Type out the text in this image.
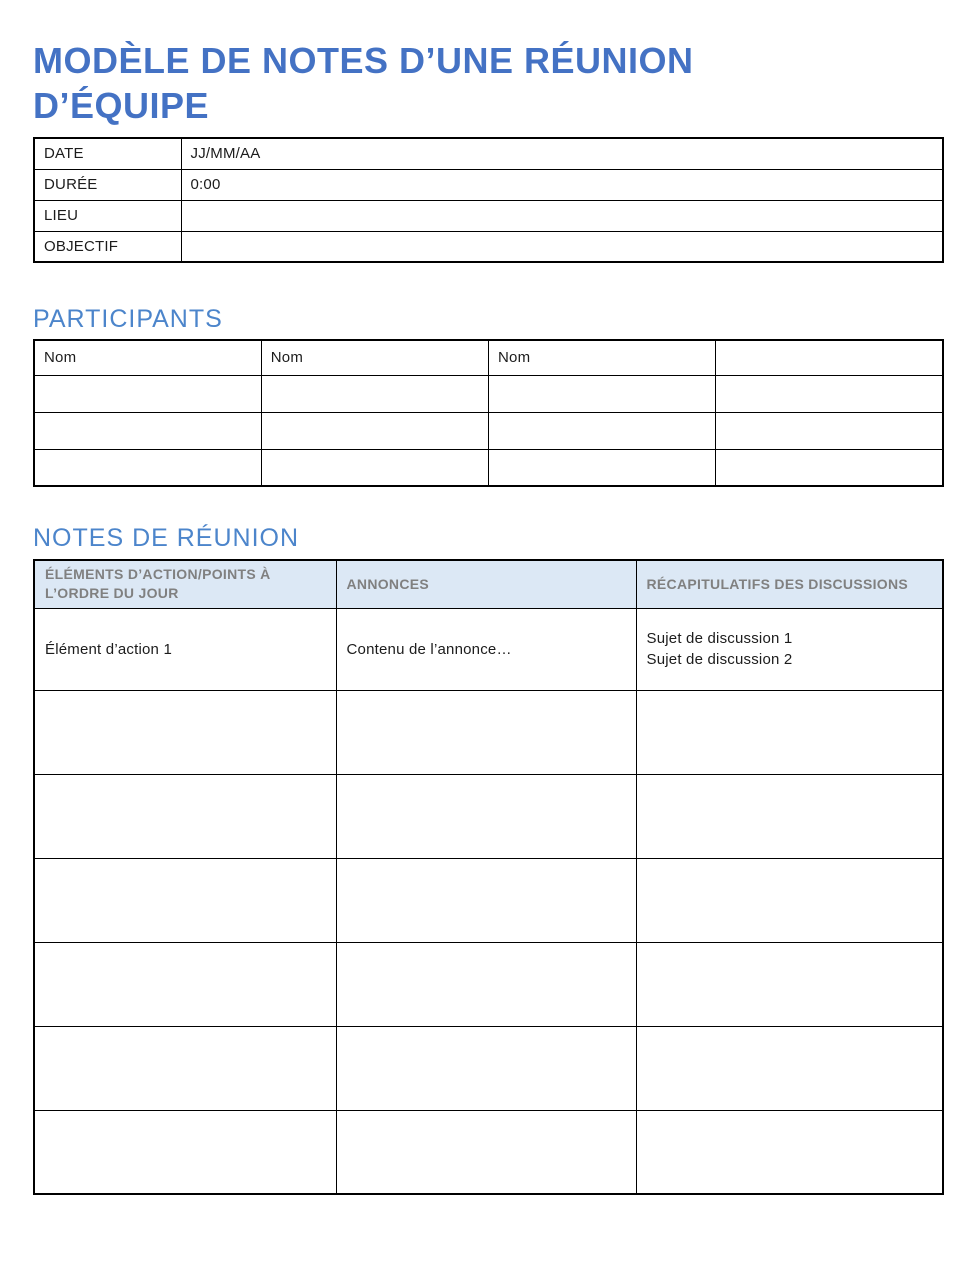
MODÈLE DE NOTES D’UNE RÉUNION
D’ÉQUIPE
DATE	JJ/MM/AA
DURÉE	0:00
LIEU	
OBJECTIF	
PARTICIPANTS
Nom	Nom	Nom	

NOTES DE RÉUNION
ÉLÉMENTS D’ACTION/POINTS À L’ORDRE DU JOUR	ANNONCES	RÉCAPITULATIFS DES DISCUSSIONS
Élément d’action 1	Contenu de l’annonce…	Sujet de discussion 1
Sujet de discussion 2
